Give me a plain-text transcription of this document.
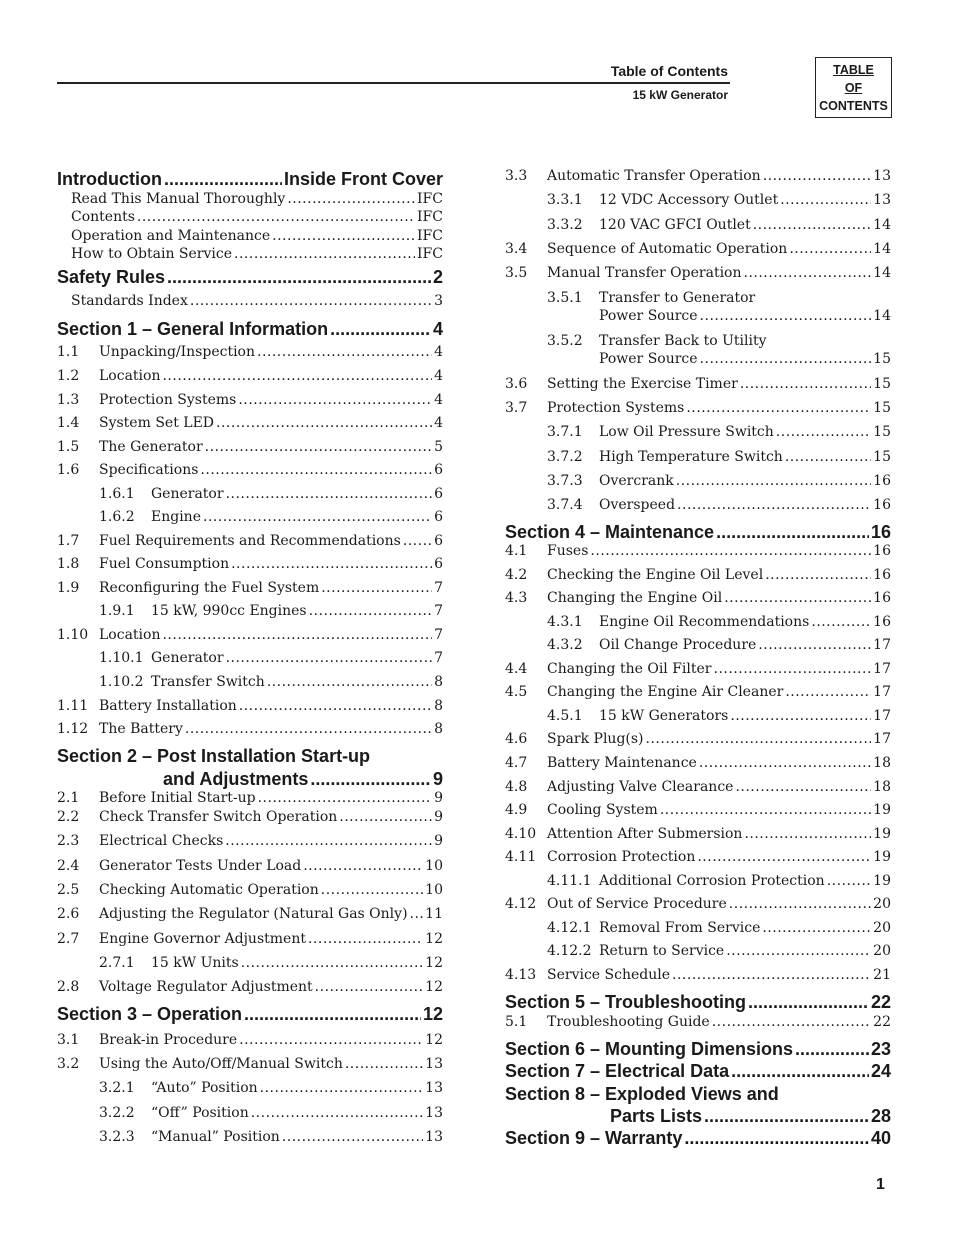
Table of Contents
15 kW Generator
TABLE
OF
CONTENTS
Introduction .....	Inside Front Cover
Read This Manual Thoroughly .....	IFC
Contents .....	IFC
Operation and Maintenance .....	IFC
How to Obtain Service .....	IFC
Safety Rules .....	2
Standards Index .....	3
Section 1 – General Information .....	4
1.1	Unpacking/Inspection .....	4
1.2	Location .....	4
1.3	Protection Systems .....	4
1.4	System Set LED .....	4
1.5	The Generator .....	5
1.6	Specifications .....	6
1.6.1	Generator .....	6
1.6.2	Engine .....	6
1.7	Fuel Requirements and Recommendations ..... 6
1.8	Fuel Consumption .....	6
1.9	Reconfiguring the Fuel System .....	7
1.9.1	15 kW, 990cc Engines .....	7
1.10 Location .....	7
1.10.1 Generator .....	7
1.10.2 Transfer Switch .....	8
1.11 Battery Installation .....	8
1.12 The Battery .....	8
Section 2 – Post Installation Start-up
and Adjustments .....	9
2.1	Before Initial Start-up .....	9
2.2	Check Transfer Switch Operation .....	9
2.3	Electrical Checks .....	9
2.4	Generator Tests Under Load .....	10
2.5	Checking Automatic Operation .....	10
2.6	Adjusting the Regulator (Natural Gas Only) ..... 11
2.7	Engine Governor Adjustment .....	12
2.7.1	15 kW Units .....	12
2.8	Voltage Regulator Adjustment .....	12
Section 3 – Operation .....	12
3.1	Break-in Procedure .....	12
3.2	Using the Auto/Off/Manual Switch .....	13
3.2.1	“Auto” Position .....	13
3.2.2	“Off” Position .....	13
3.2.3	“Manual” Position .....	13
3.3	Automatic Transfer Operation .....	13
3.3.1	12 VDC Accessory Outlet .....	13
3.3.2	120 VAC GFCI Outlet .....	14
3.4	Sequence of Automatic Operation .....	14
3.5	Manual Transfer Operation .....	14
3.5.1	Transfer to Generator
Power Source .....	14
3.5.2	Transfer Back to Utility
Power Source .....	15
3.6	Setting the Exercise Timer .....	15
3.7	Protection Systems .....	15
3.7.1	Low Oil Pressure Switch .....	15
3.7.2	High Temperature Switch .....	15
3.7.3	Overcrank .....	16
3.7.4	Overspeed .....	16
Section 4 – Maintenance .....	16
4.1	Fuses .....	16
4.2	Checking the Engine Oil Level .....	16
4.3	Changing the Engine Oil .....	16
4.3.1	Engine Oil Recommendations .....	16
4.3.2	Oil Change Procedure .....	17
4.4	Changing the Oil Filter .....	17
4.5	Changing the Engine Air Cleaner .....	17
4.5.1	15 kW Generators .....	17
4.6	Spark Plug(s) .....	17
4.7	Battery Maintenance .....	18
4.8	Adjusting Valve Clearance .....	18
4.9	Cooling System .....	19
4.10 Attention After Submersion .....	19
4.11 Corrosion Protection .....	19
4.11.1 Additional Corrosion Protection .....	19
4.12 Out of Service Procedure .....	20
4.12.1 Removal From Service .....	20
4.12.2 Return to Service .....	20
4.13 Service Schedule .....	21
Section 5 – Troubleshooting .....	22
5.1	Troubleshooting Guide .....	22
Section 6 – Mounting Dimensions .....	23
Section 7 – Electrical Data .....	24
Section 8 – Exploded Views and
Parts Lists .....	28
Section 9 – Warranty .....	40
1
